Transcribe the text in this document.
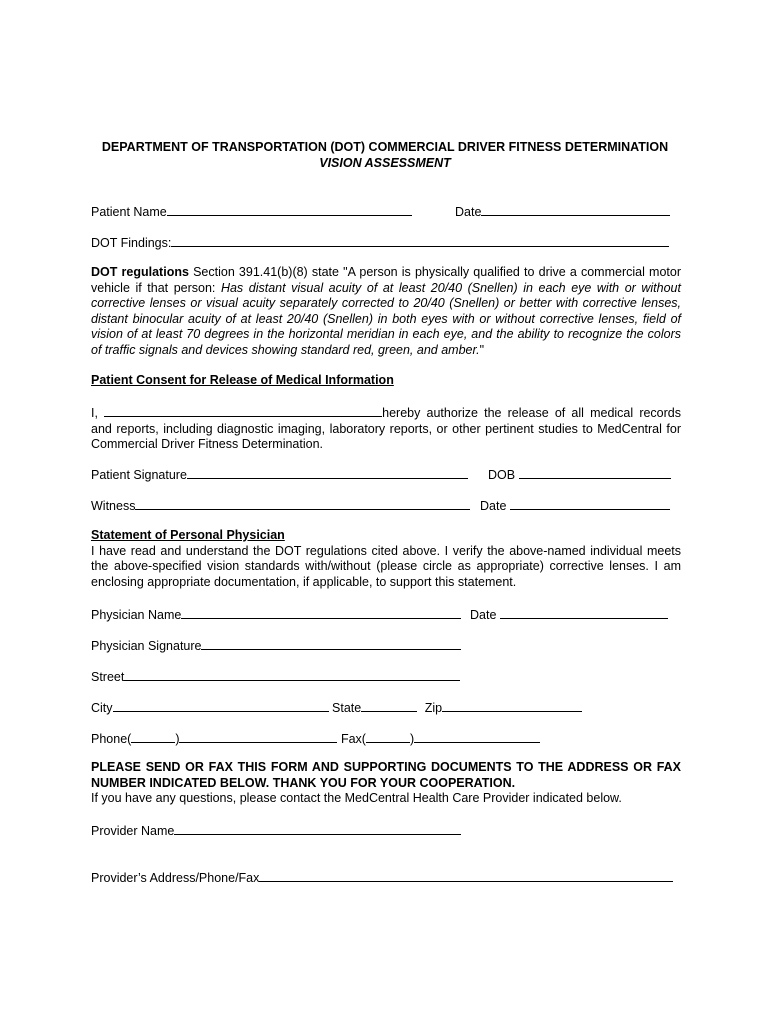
DEPARTMENT OF TRANSPORTATION (DOT) COMMERCIAL DRIVER FITNESS DETERMINATION
VISION ASSESSMENT
Patient Name	Date
DOT Findings:
DOT regulations Section 391.41(b)(8) state "A person is physically qualified to drive a commercial motor vehicle if that person: Has distant visual acuity of at least 20/40 (Snellen) in each eye with or without corrective lenses or visual acuity separately corrected to 20/40 (Snellen) or better with corrective lenses, distant binocular acuity of at least 20/40 (Snellen) in both eyes with or without corrective lenses, field of vision of at least 70 degrees in the horizontal meridian in each eye, and the ability to recognize the colors of traffic signals and devices showing standard red, green, and amber."
Patient Consent for Release of Medical Information
I,	hereby authorize the release of all medical records and reports, including diagnostic imaging, laboratory reports, or other pertinent studies to MedCentral for Commercial Driver Fitness Determination.
Patient Signature	DOB
Witness	Date
Statement of Personal Physician
I have read and understand the DOT regulations cited above. I verify the above-named individual meets the above-specified vision standards with/without (please circle as appropriate) corrective lenses. I am enclosing appropriate documentation, if applicable, to support this statement.
Physician Name	Date
Physician Signature
Street
City	State	Zip
Phone(	)	Fax(	)
PLEASE SEND OR FAX THIS FORM AND SUPPORTING DOCUMENTS TO THE ADDRESS OR FAX NUMBER INDICATED BELOW. THANK YOU FOR YOUR COOPERATION.
If you have any questions, please contact the MedCentral Health Care Provider indicated below.
Provider Name
Provider’s Address/Phone/Fax
